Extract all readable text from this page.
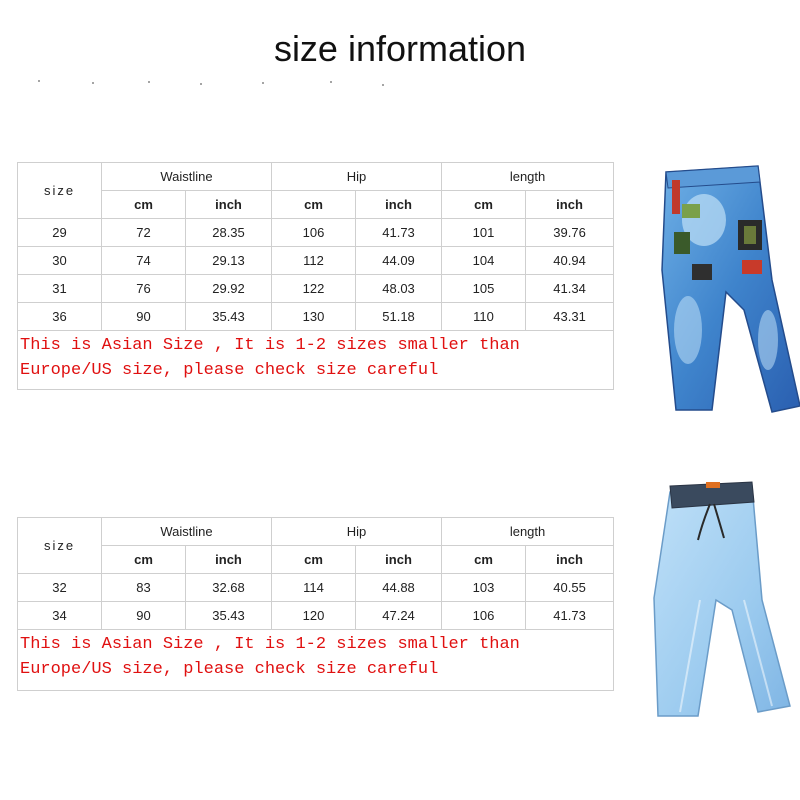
size information
size	Waistline		Hip		length	
	cm	inch	cm	inch	cm	inch
29	72	28.35	106	41.73	101	39.76
30	74	29.13	112	44.09	104	40.94
31	76	29.92	122	48.03	105	41.34
36	90	35.43	130	51.18	110	43.31

This is Asian Size , It is 1-2 sizes smaller than
Europe/US size, please check size careful						
size	Waistline		Hip		length	
	cm	inch	cm	inch	cm	inch
32	83	32.68	114	44.88	103	40.55
34	90	35.43	120	47.24	106	41.73

This is Asian Size , It is 1-2 sizes smaller than
Europe/US size, please check size careful						
